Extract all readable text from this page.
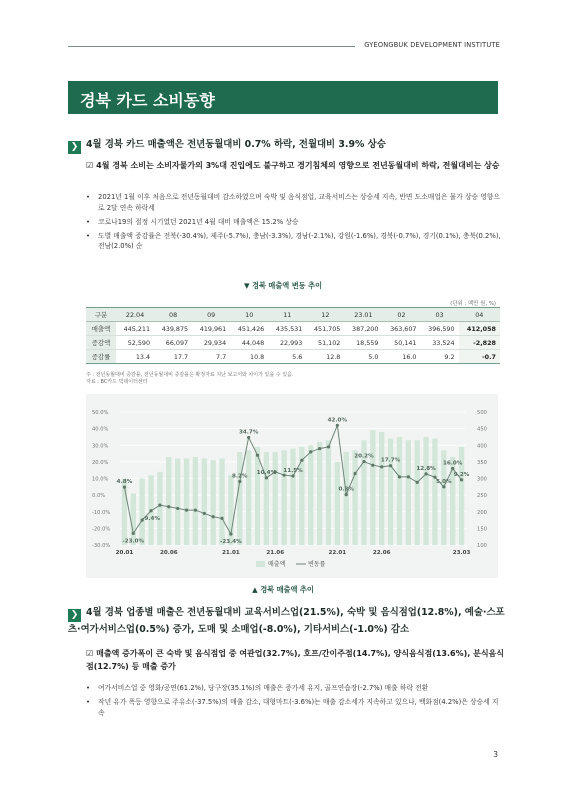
GYEONGBUK DEVELOPMENT INSTITUTE
경북 카드 소비동향
❯ 4월 경북 카드 매출액은 전년동월대비 0.7% 하락, 전월대비 3.9% 상승
☑ 4월 경북 소비는 소비자물가의 3%대 진입에도 불구하고 경기침체의 영향으로 전년동월대비 하락, 전월대비는 상승
• 2021년 1월 이후 처음으로 전년동월대비 감소하였으며 숙박 및 음식점업, 교육서비스는 상승세 지속, 반면 도소매업은 물가 상승 영향으로 2달 연속 하락세
• 코로나19의 절정 시기였던 2021년 4월 대비 매출액은 15.2% 상승
• 도별 매출액 증감률은 전북(-30.4%), 제주(-5.7%), 충남(-3.3%), 경남(-2.1%), 강원(-1.6%), 경북(-0.7%), 경기(0.1%), 충북(0.2%), 전남(2.0%) 순
▼ 경북 매출액 변동 추이
(단위 : 백만 원, %)
구분	22.04	08	09	10	11	12	23.01	02	03	04
매출액	445,211	439,875	419,961	451,426	435,531	451,705	387,200	363,607	396,590	412,058
증감액	52,590	66,097	29,934	44,048	22,993	51,102	18,559	50,141	33,524	-2,828
증감률	13.4	17.7	7.7	10.8	5.6	12.8	5.0	16.0	9.2	-0.7
주 : 전년동월대비 증감률, 전년동월대비 증감률은 확정자료 지난 보고서와 차이가 있을 수 있음.
자료 : BC카드 빅데이터센터
50.0%
40.0%
30.0%
20.0%
10.0%
0.0%
-10.0%
-20.0%
-30.0%
500
450
400
350
300
250
200
150
100
4.8%
-23.0%
-9.4%
-23.4%
8.2%
34.7%
10.4% 11.5%
42.0%
0.3%
20.2%
17.7%
12.8%
5.0%
16.0%
9.2%
20.01	20.06	21.01	21.06	22.01	22.06	23.03
매출액	변동률
▲ 경북 매출액 추이
❯ 4월 경북 업종별 매출은 전년동월대비 교육서비스업(21.5%), 숙박 및 음식점업(12.8%), 예술·스포츠·여가서비스업(0.5%) 증가, 도매 및 소매업(-8.0%), 기타서비스(-1.0%) 감소
☑ 매출액 증가폭이 큰 숙박 및 음식점업 중 여관업(32.7%), 호프/간이주점(14.7%), 양식음식점(13.6%), 분식음식점(12.7%) 등 매출 증가
• 여가서비스업 중 영화/공연(61.2%), 당구장(35.1%)의 매출은 증가세 유지, 골프연습장(-2.7%) 매출 하락 전환
• 작년 유가 폭등 영향으로 주유소(-37.5%)의 매출 감소, 대형마트(-3.6%)는 매출 감소세가 지속하고 있으나, 백화점(4.2%)은 상승세 지속
3
